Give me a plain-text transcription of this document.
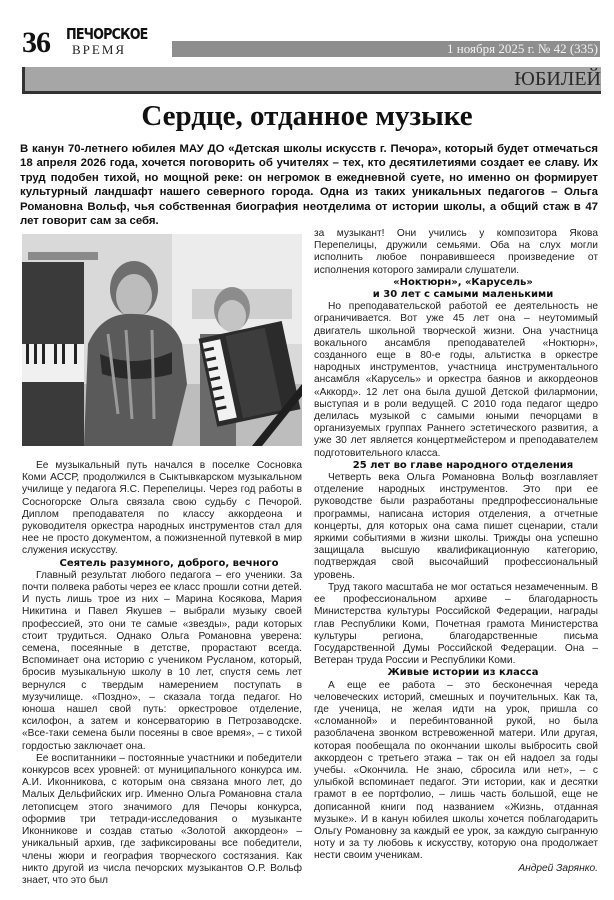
36 ПЕЧОРСКОЕ
ВРЕМЯ	1 ноября 2025 г. № 42 (335)
ЮБИЛЕЙ
Сердце, отданное музыке
В канун 70-летнего юбилея МАУ ДО «Детская школы искусств г. Печора», который будет отмечаться 18 апреля 2026 года, хочется поговорить об учителях – тех, кто десятилетиями создает ее славу. Их труд подобен тихой, но мощной реке: он негромок в ежедневной суете, но именно он формирует культурный ландшафт нашего северного города. Одна из таких уникальных педагогов – Ольга Романовна Вольф, чья собственная биография неотделима от истории школы, а общий стаж в 47 лет говорит сам за себя.

Ее музыкальный путь начался в поселке Сосновка Коми АССР, продолжился в Сыктывкарском музыкальном училище у педагога Я.С. Перепелицы. Через год работы в Сосногорске Ольга связала свою судьбу с Печорой. Диплом преподавателя по классу аккордеона и руководителя оркестра народных инструментов стал для нее не просто документом, а пожизненной путевкой в мир служения искусству.

Сеятель разумного, доброго, вечного

Главный результат любого педагога – его ученики. За почти полвека работы через ее класс прошли сотни детей. И пусть лишь трое из них – Марина Косякова, Мария Никитина и Павел Якушев – выбрали музыку своей профессией, это они те самые «звезды», ради которых стоит трудиться. Однако Ольга Романовна уверена: семена, посеянные в детстве, прорастают всегда. Вспоминает она историю с учеником Русланом, который, бросив музыкальную школу в 10 лет, спустя семь лет вернулся с твердым намерением поступать в музучилище. «Поздно», – сказала тогда педагог. Но юноша нашел свой путь: оркестровое отделение, ксилофон, а затем и консерваторию в Петрозаводске. «Все-таки семена были посеяны в свое время», – с тихой гордостью заключает она.

Ее воспитанники – постоянные участники и победители конкурсов всех уровней: от муниципального конкурса им. А.И. Иконникова, с которым она связана много лет, до Малых Дельфийских игр. Именно Ольга Романовна стала летописцем этого значимого для Печоры конкурса, оформив три тетради-исследования о музыканте Иконникове и создав статью «Золотой аккордеон» – уникальный архив, где зафиксированы все победители, члены жюри и география творческого состязания. Как никто другой из числа печорских музыкантов О.Р. Вольф знает, что это был

за музыкант! Они учились у композитора Якова Перепелицы, дружили семьями. Оба на слух могли исполнить любое понравившееся произведение от исполнения которого замирали слушатели.

«Ноктюрн», «Карусель»

и 30 лет с самыми маленькими

Но преподавательской работой ее деятельность не ограничивается. Вот уже 45 лет она – неутомимый двигатель школьной творческой жизни. Она участница вокального ансамбля преподавателей «Ноктюрн», созданного еще в 80-е годы, альтистка в оркестре народных инструментов, участница инструментального ансамбля «Карусель» и оркестра баянов и аккордеонов «Аккорд». 12 лет она была душой Детской филармонии, выступая и в роли ведущей. С 2010 года педагог щедро делилась музыкой с самыми юными печорцами в организуемых группах Раннего эстетического развития, а уже 30 лет является концертмейстером и преподавателем подготовительного класса.

25 лет во главе народного отделения

Четверть века Ольга Романовна Вольф возглавляет отделение народных инструментов. Это при ее руководстве были разработаны предпрофессиональные программы, написана история отделения, а отчетные концерты, для которых она сама пишет сценарии, стали яркими событиями в жизни школы. Трижды она успешно защищала высшую квалификационную категорию, подтверждая свой высочайший профессиональный уровень.

Труд такого масштаба не мог остаться незамеченным. В ее профессиональном архиве – благодарность Министерства культуры Российской Федерации, награды глав Республики Коми, Почетная грамота Министерства культуры региона, благодарственные письма Государственной Думы Российской Федерации. Она – Ветеран труда России и Республики Коми.

Живые истории из класса

А еще ее работа – это бесконечная череда человеческих историй, смешных и поучительных. Как та, где ученица, не желая идти на урок, пришла со «сломанной» и перебинтованной рукой, но была разоблачена звонком встревоженной матери. Или другая, которая пообещала по окончании школы выбросить свой аккордеон с третьего этажа – так он ей надоел за годы учебы. «Окончила. Не знаю, сбросила или нет», – с улыбкой вспоминает педагог. Эти истории, как и десятки грамот в ее портфолио, – лишь часть большой, еще не дописанной книги под названием «Жизнь, отданная музыке». И в канун юбилея школы хочется поблагодарить Ольгу Романовну за каждый ее урок, за каждую сыгранную ноту и за ту любовь к искусству, которую она продолжает нести своим ученикам.

Андрей Зарянко.
